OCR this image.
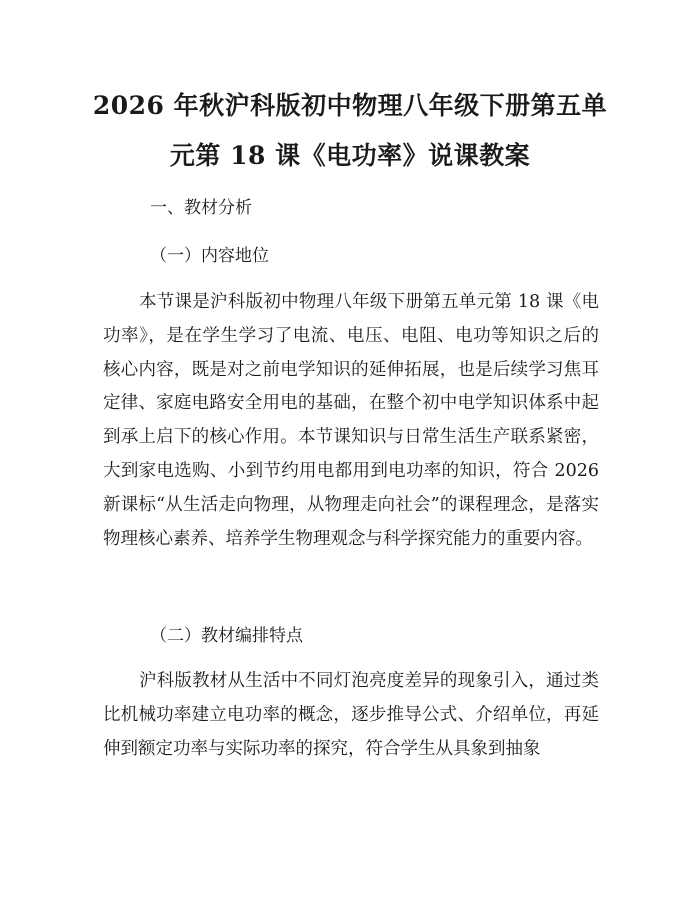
2026 年秋沪科版初中物理八年级下册第五单
元第 18 课《电功率》说课教案
一、教材分析
（一）内容地位

本节课是沪科版初中物理八年级下册第五单元第 18 课《电功率》，是在学生学习了电流、电压、电阻、电功等知识之后的核心内容，既是对之前电学知识的延伸拓展，也是后续学习焦耳定律、家庭电路安全用电的基础，在整个初中电学知识体系中起到承上启下的核心作用。本节课知识与日常生活生产联系紧密，大到家电选购、小到节约用电都用到电功率的知识，符合 2026 新课标“从生活走向物理，从物理走向社会”的课程理念，是落实物理核心素养、培养学生物理观念与科学探究能力的重要内容。

（二）教材编排特点

沪科版教材从生活中不同灯泡亮度差异的现象引入，通过类比机械功率建立电功率的概念，逐步推导公式、介绍单位，再延伸到额定功率与实际功率的探究，符合学生从具象到抽象
